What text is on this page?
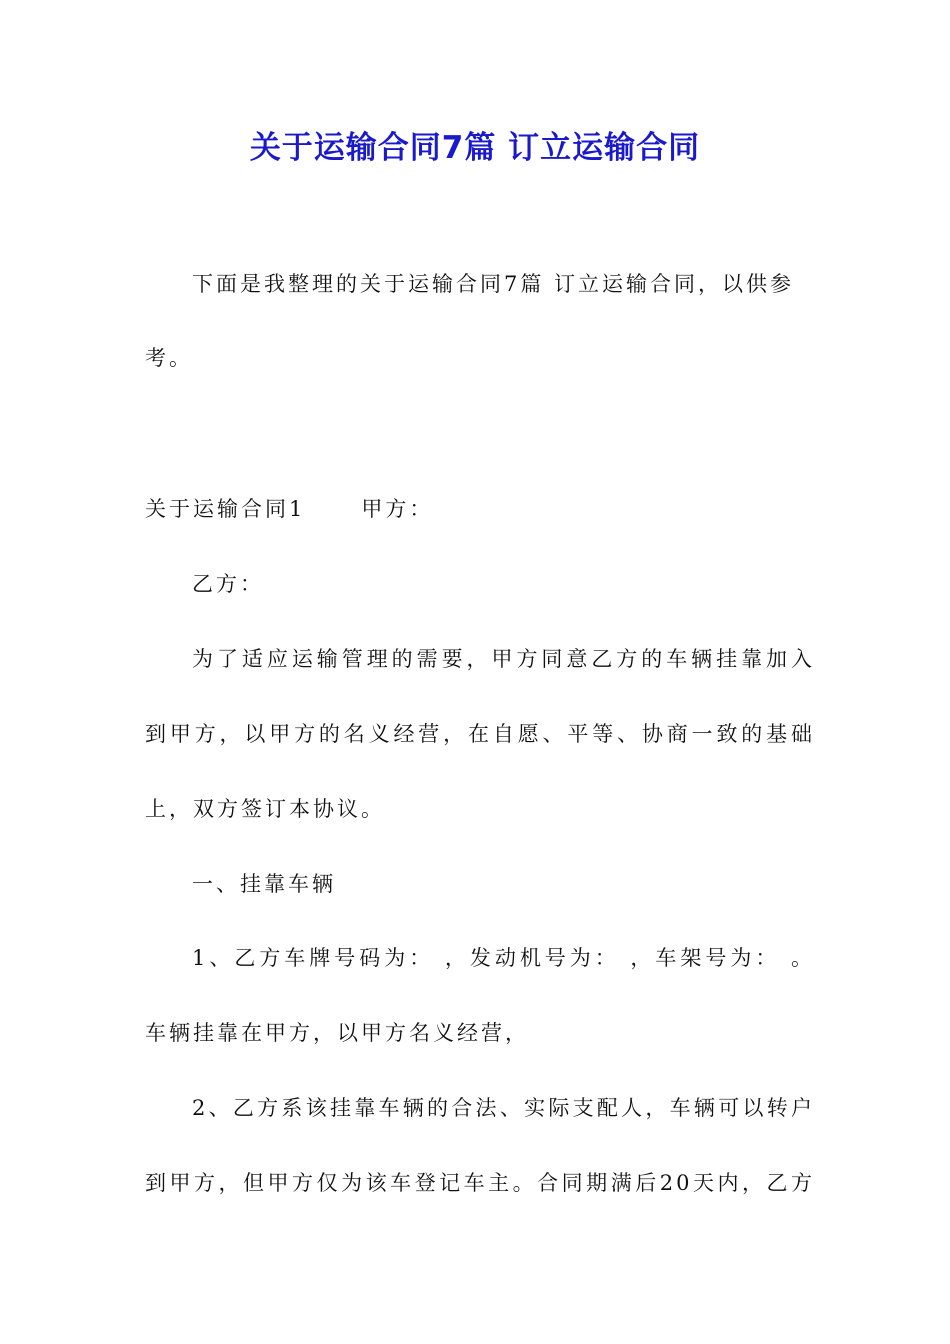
关于运输合同7篇 订立运输合同

下面是我整理的关于运输合同7篇 订立运输合同，以供参

考。

关于运输合同1	甲方：

乙方：

为了适应运输管理的需要，甲方同意乙方的车辆挂靠加入

到甲方，以甲方的名义经营，在自愿、平等、协商一致的基础

上，双方签订本协议。

一、挂靠车辆

1、乙方车牌号码为： ，发动机号为： ，车架号为： 。

车辆挂靠在甲方，以甲方名义经营，

2、乙方系该挂靠车辆的合法、实际支配人，车辆可以转户

到甲方，但甲方仅为该车登记车主。合同期满后20天内，乙方
